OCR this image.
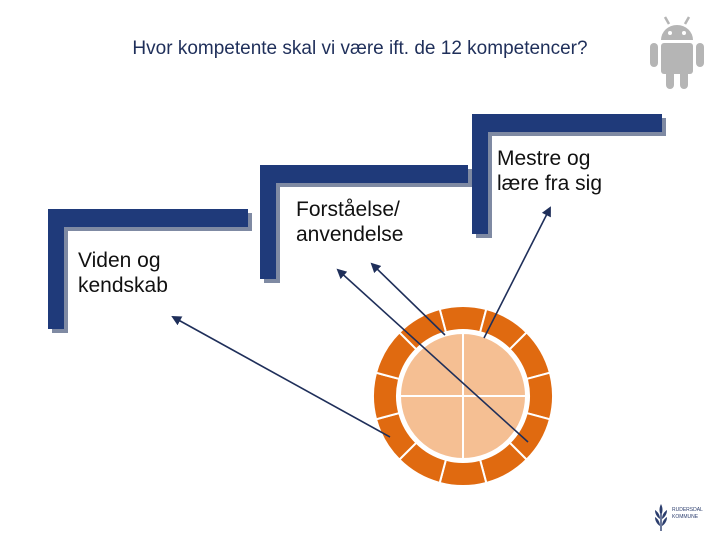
Hvor kompetente skal vi være ift. de 12 kompetencer?
Viden og
kendskab
Forståelse/
anvendelse
Mestre og
lære fra sig
RUDERSDAL
KOMMUNE
